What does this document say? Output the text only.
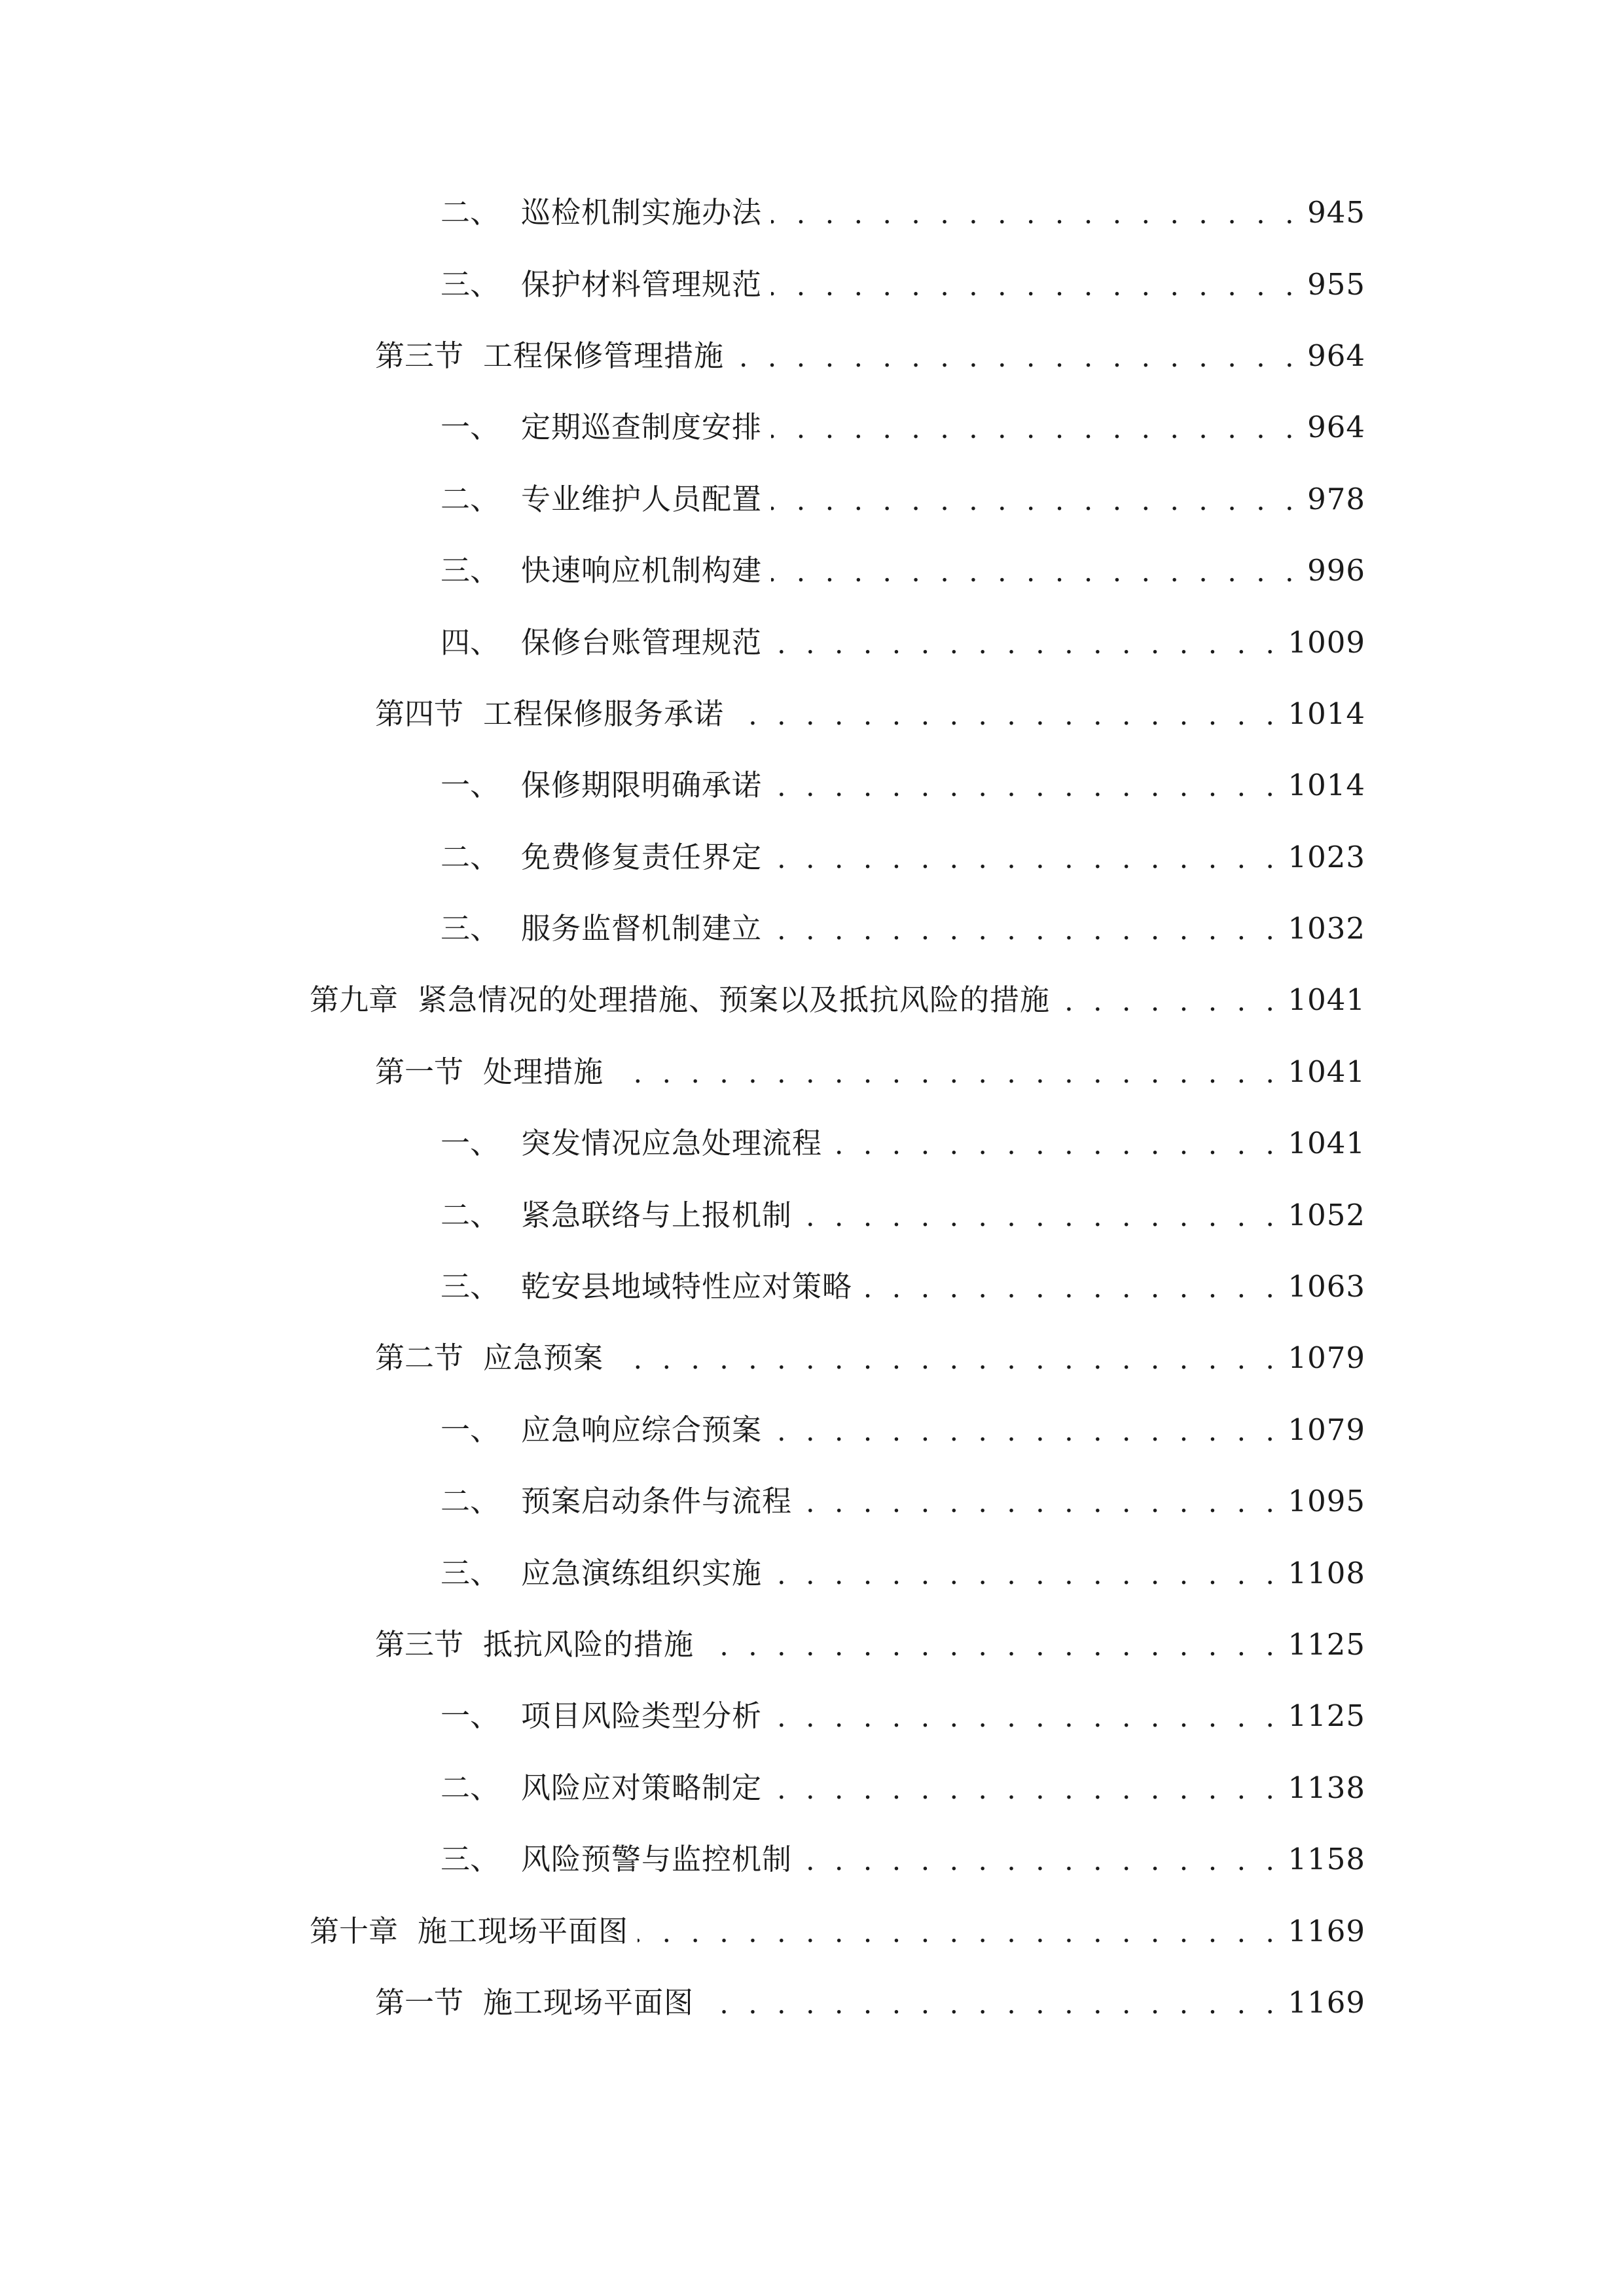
二、 巡检机制实施办法 . . .	945
三、 保护材料管理规范 . . .	955
第三节 工程保修管理措施 . . .	964
一、 定期巡查制度安排 . . .	964
二、 专业维护人员配置 . . .	978
三、 快速响应机制构建 . . .	996
四、 保修台账管理规范 . . .	1009
第四节 工程保修服务承诺 . . .	1014
一、 保修期限明确承诺 . . .	1014
二、 免费修复责任界定 . . .	1023
三、 服务监督机制建立 . . .	1032
第九章 紧急情况的处理措施、预案以及抵抗风险的措施 . . .	1041
第一节 处理措施 . . .	1041
一、 突发情况应急处理流程 . . .	1041
二、 紧急联络与上报机制 . . .	1052
三、 乾安县地域特性应对策略 . . .	1063
第二节 应急预案 . . .	1079
一、 应急响应综合预案 . . .	1079
二、 预案启动条件与流程 . . .	1095
三、 应急演练组织实施 . . .	1108
第三节 抵抗风险的措施 . . .	1125
一、 项目风险类型分析 . . .	1125
二、 风险应对策略制定 . . .	1138
三、 风险预警与监控机制 . . .	1158
第十章 施工现场平面图 . . .	1169
第一节 施工现场平面图 . . .	1169
